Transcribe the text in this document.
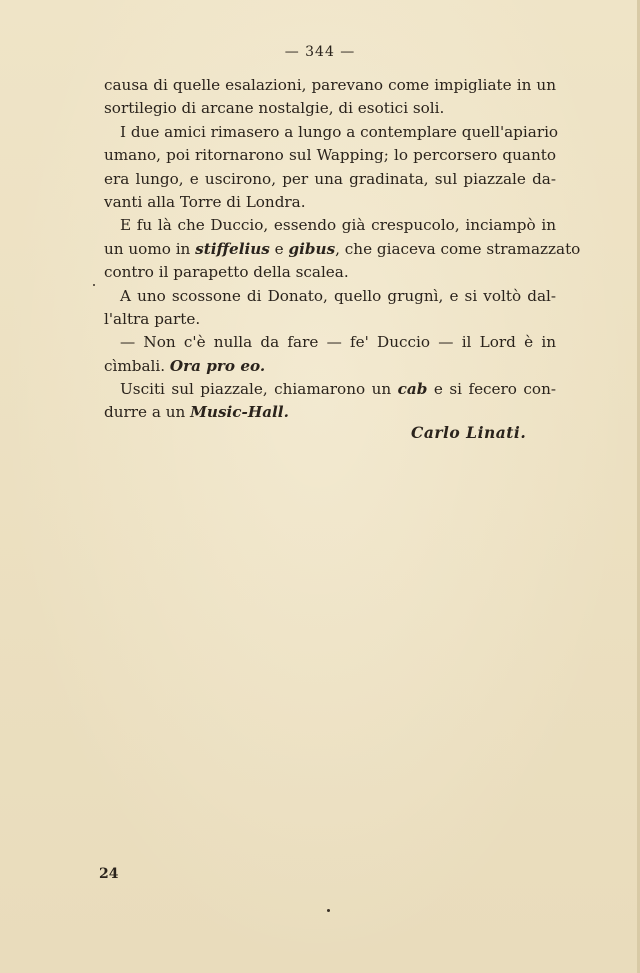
— 344 —
causa di quelle esalazioni, parevano come impigliate in un
sortilegio di arcane nostalgie, di esotici soli.
I due amici rimasero a lungo a contemplare quell'apiario
umano, poi ritornarono sul Wapping; lo percorsero quanto
era lungo, e uscirono, per una gradinata, sul piazzale da-
vanti alla Torre di Londra.
E fu là che Duccio, essendo già crespucolo, inciampò in
un uomo in stiffelius e gibus, che giaceva come stramazzato
contro il parapetto della scalea.
A uno scossone di Donato, quello grugnì, e si voltò dal-
l'altra parte.
— Non c'è nulla da fare — fe' Duccio — il Lord è in
cìmbali. Ora pro eo.
Usciti sul piazzale, chiamarono un cab e si fecero con-
durre a un Music-Hall.
Carlo Linati.
24
